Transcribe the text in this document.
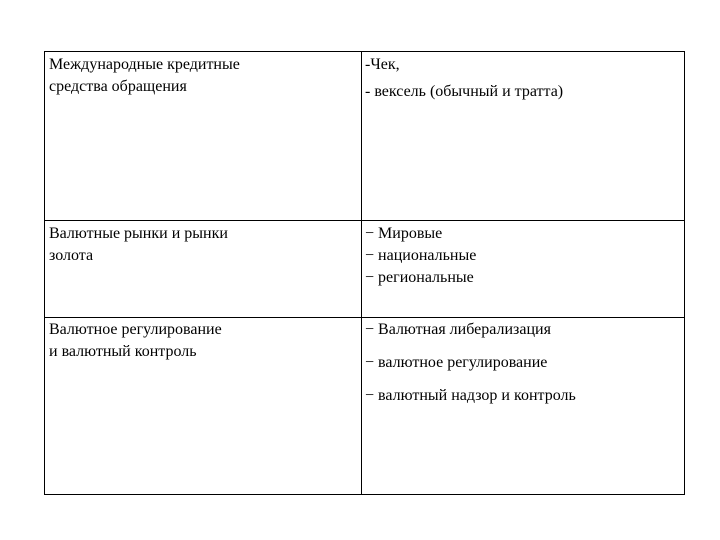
Международные кредитные
средства обращения
-Чек,
- вексель (обычный и тратта)
Валютные рынки и рынки
золота
− Мировые
− национальные
− региональные
Валютное регулирование
и валютный контроль
− Валютная либерализация
− валютное регулирование
− валютный надзор и контроль
